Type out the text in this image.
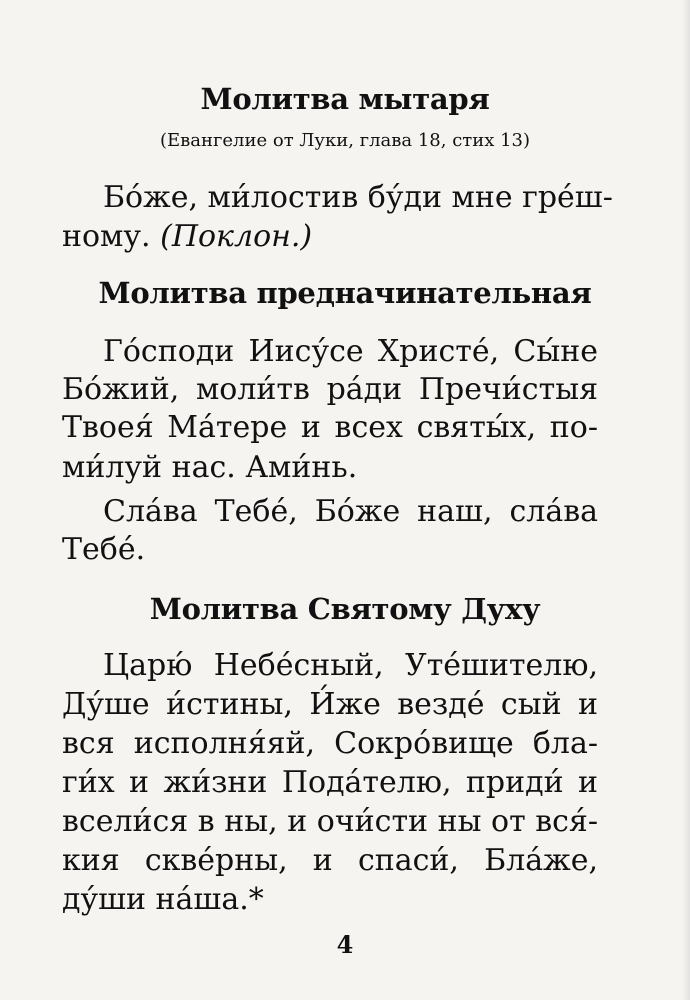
Молитва мытаря
(Евангелие от Луки, глава 18, стих 13)
Бо́же, ми́лостив бу́ди мне гре́ш-
ному. (Поклон.)
Молитва предначинательная
Го́споди Иису́се Христе́, Сы́не
Бо́жий, моли́тв ра́ди Пречи́стыя
Твоея́ Ма́тере и всех святы́х, по-
ми́луй нас. Ами́нь.
Сла́ва Тебе́, Бо́же наш, сла́ва
Тебе́.
Молитва Святому Духу
Царю́ Небе́сный, Уте́шителю,
Ду́ше и́стины, И́же везде́ сый и
вся исполня́яй, Сокро́вище бла-
ги́х и жи́зни Пода́телю, приди́ и
всели́ся в ны, и очи́сти ны от вся́-
кия скве́рны, и спаси́, Бла́же,
ду́ши на́ша.*
4
